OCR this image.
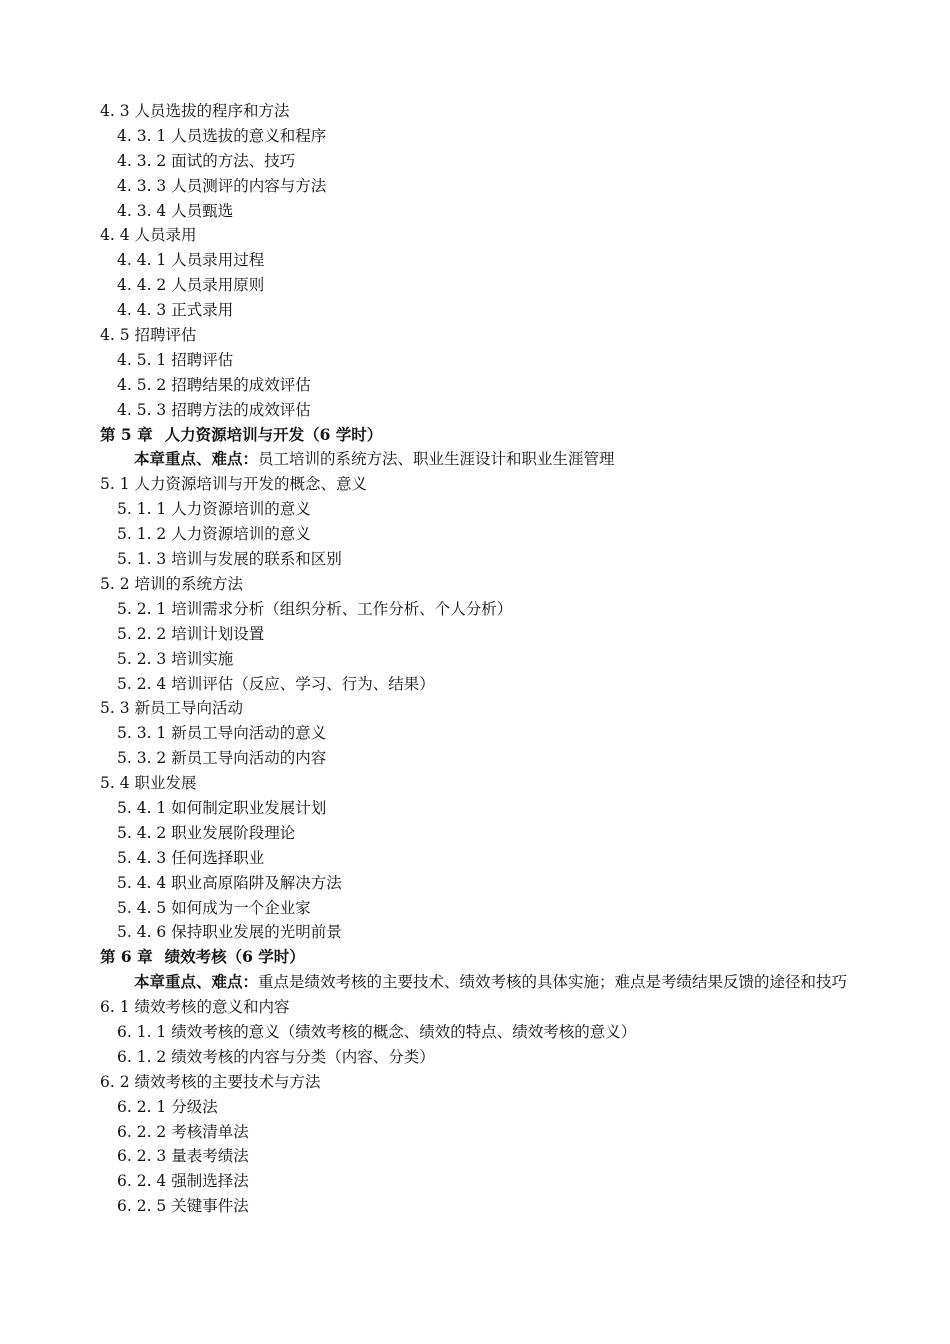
4. 3 人员选拔的程序和方法
4. 3. 1 人员选拔的意义和程序
4. 3. 2 面试的方法、技巧
4. 3. 3 人员测评的内容与方法
4. 3. 4 人员甄选
4. 4 人员录用
4. 4. 1 人员录用过程
4. 4. 2 人员录用原则
4. 4. 3 正式录用
4. 5 招聘评估
4. 5. 1 招聘评估
4. 5. 2 招聘结果的成效评估
4. 5. 3 招聘方法的成效评估
第 5 章 人力资源培训与开发（6 学时）
本章重点、难点：员工培训的系统方法、职业生涯设计和职业生涯管理
5. 1 人力资源培训与开发的概念、意义
5. 1. 1 人力资源培训的意义
5. 1. 2 人力资源培训的意义
5. 1. 3 培训与发展的联系和区别
5. 2 培训的系统方法
5. 2. 1 培训需求分析（组织分析、工作分析、个人分析）
5. 2. 2 培训计划设置
5. 2. 3 培训实施
5. 2. 4 培训评估（反应、学习、行为、结果）
5. 3 新员工导向活动
5. 3. 1 新员工导向活动的意义
5. 3. 2 新员工导向活动的内容
5. 4 职业发展
5. 4. 1 如何制定职业发展计划
5. 4. 2 职业发展阶段理论
5. 4. 3 任何选择职业
5. 4. 4 职业高原陷阱及解决方法
5. 4. 5 如何成为一个企业家
5. 4. 6 保持职业发展的光明前景
第 6 章 绩效考核（6 学时）
本章重点、难点：重点是绩效考核的主要技术、绩效考核的具体实施；难点是考绩结果反馈的途径和技巧
6. 1 绩效考核的意义和内容
6. 1. 1 绩效考核的意义（绩效考核的概念、绩效的特点、绩效考核的意义）
6. 1. 2 绩效考核的内容与分类（内容、分类）
6. 2 绩效考核的主要技术与方法
6. 2. 1 分级法
6. 2. 2 考核清单法
6. 2. 3 量表考绩法
6. 2. 4 强制选择法
6. 2. 5 关键事件法
